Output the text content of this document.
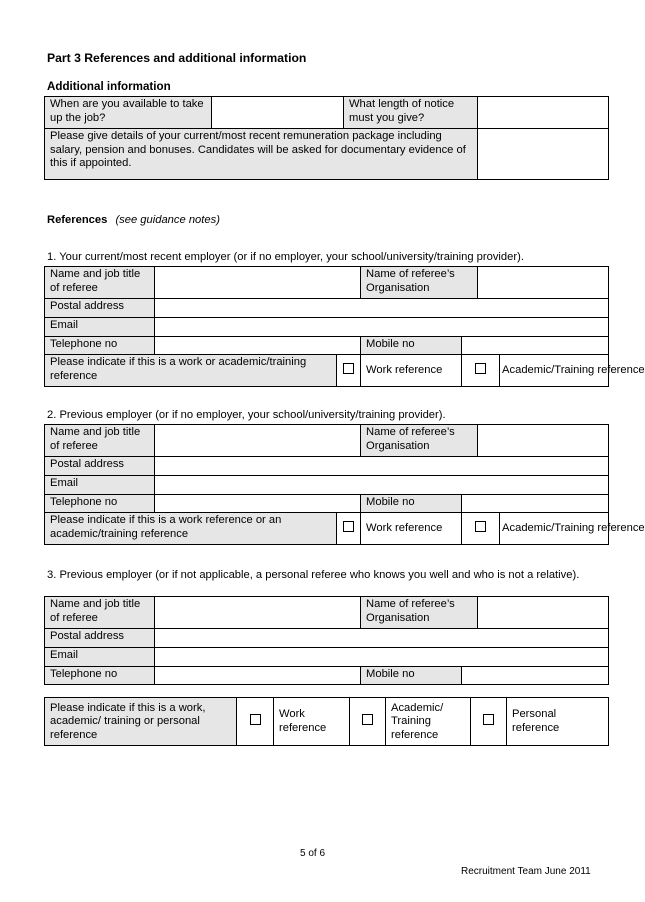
Part 3 References and additional information
Additional information
When are you available to take up the job?		What length of notice must you give?	
Please give details of your current/most recent remuneration package including salary, pension and bonuses. Candidates will be asked for documentary evidence of this if appointed.			
References (see guidance notes)
1. Your current/most recent employer (or if no employer, your school/university/training provider).
Name and job title of referee			Name of referee’s Organisation			
Postal address						
Email						
Telephone no			Mobile no			
Please indicate if this is a work or academic/training reference			Work reference			Academic/Training reference
2. Previous employer (or if no employer, your school/university/training provider).
Name and job title of referee			Name of referee’s Organisation			
Postal address						
Email						
Telephone no			Mobile no			
Please indicate if this is a work reference or an academic/training reference			Work reference			Academic/Training reference
3. Previous employer (or if not applicable, a personal referee who knows you well and who is not a relative).
Name and job title of referee		Name of referee’s Organisation		
Postal address				
Email				
Telephone no		Mobile no		
Please indicate if this is a work, academic/ training or personal reference		Work reference		Academic/ Training reference		Personal reference
5 of 6
Recruitment Team June 2011
